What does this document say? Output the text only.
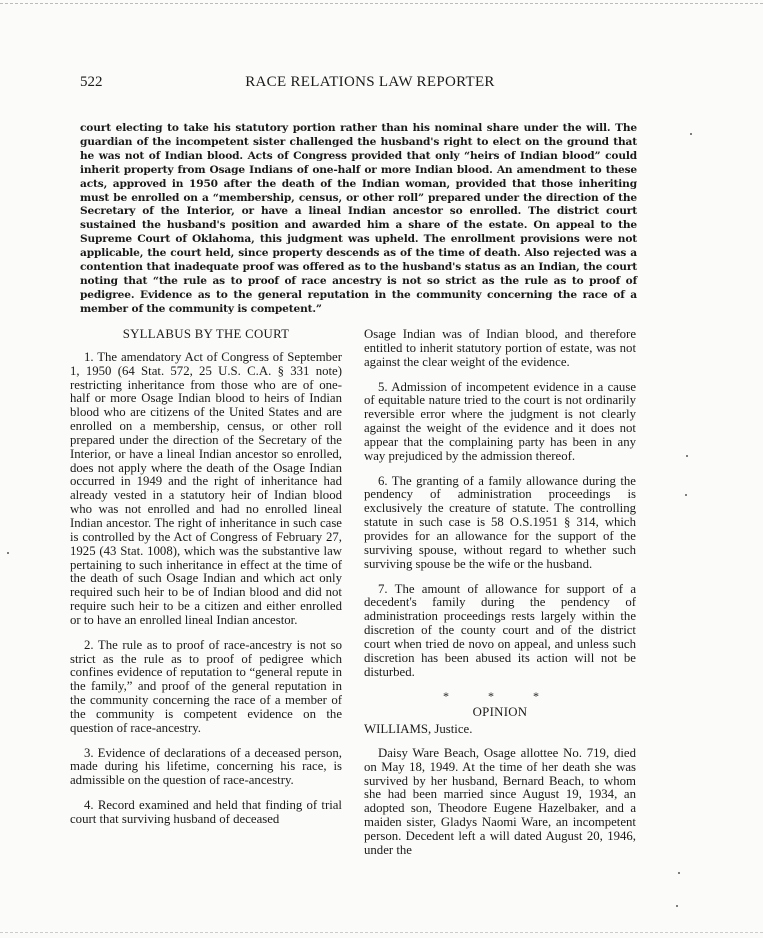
522	RACE RELATIONS LAW REPORTER
court electing to take his statutory portion rather than his nominal share under the will. The guardian of the incompetent sister challenged the husband's right to elect on the ground that he was not of Indian blood. Acts of Congress provided that only “heirs of Indian blood” could inherit property from Osage Indians of one-half or more Indian blood. An amendment to these acts, approved in 1950 after the death of the Indian woman, provided that those inheriting must be enrolled on a “membership, census, or other roll” prepared under the direction of the Secretary of the Interior, or have a lineal Indian ancestor so enrolled. The district court sustained the husband's position and awarded him a share of the estate. On appeal to the Supreme Court of Oklahoma, this judgment was upheld. The enrollment provisions were not applicable, the court held, since property descends as of the time of death. Also rejected was a contention that inadequate proof was offered as to the husband's status as an Indian, the court noting that “the rule as to proof of race ancestry is not so strict as the rule as to proof of pedigree. Evidence as to the general reputation in the community concerning the race of a member of the community is competent.”
SYLLABUS BY THE COURT

1. The amendatory Act of Congress of September 1, 1950 (64 Stat. 572, 25 U.S. C.A. § 331 note) restricting inheritance from those who are of one-half or more Osage Indian blood to heirs of Indian blood who are citizens of the United States and are enrolled on a membership, census, or other roll prepared under the direction of the Secretary of the Interior, or have a lineal Indian ancestor so enrolled, does not apply where the death of the Osage Indian occurred in 1949 and the right of inheritance had already vested in a statutory heir of Indian blood who was not enrolled and had no enrolled lineal Indian ancestor. The right of inheritance in such case is controlled by the Act of Congress of February 27, 1925 (43 Stat. 1008), which was the substantive law pertaining to such inheritance in effect at the time of the death of such Osage Indian and which act only required such heir to be of Indian blood and did not require such heir to be a citizen and either enrolled or to have an enrolled lineal Indian ancestor.

2. The rule as to proof of race-ancestry is not so strict as the rule as to proof of pedigree which confines evidence of reputation to “general repute in the family,” and proof of the general reputation in the community concerning the race of a member of the community is competent evidence on the question of race-ancestry.

3. Evidence of declarations of a deceased person, made during his lifetime, concerning his race, is admissible on the question of race-ancestry.

4. Record examined and held that finding of trial court that surviving husband of deceased

Osage Indian was of Indian blood, and therefore entitled to inherit statutory portion of estate, was not against the clear weight of the evidence.

5. Admission of incompetent evidence in a cause of equitable nature tried to the court is not ordinarily reversible error where the judgment is not clearly against the weight of the evidence and it does not appear that the complaining party has been in any way prejudiced by the admission thereof.

6. The granting of a family allowance during the pendency of administration proceedings is exclusively the creature of statute. The controlling statute in such case is 58 O.S.1951 § 314, which provides for an allowance for the support of the surviving spouse, without regard to whether such surviving spouse be the wife or the husband.

7. The amount of allowance for support of a decedent's family during the pendency of administration proceedings rests largely within the discretion of the county court and of the district court when tried de novo on appeal, and unless such discretion has been abused its action will not be disturbed.

* * *
OPINION

WILLIAMS, Justice.

Daisy Ware Beach, Osage allottee No. 719, died on May 18, 1949. At the time of her death she was survived by her husband, Bernard Beach, to whom she had been married since August 19, 1934, an adopted son, Theodore Eugene Hazelbaker, and a maiden sister, Gladys Naomi Ware, an incompetent person. Decedent left a will dated August 20, 1946, under the
